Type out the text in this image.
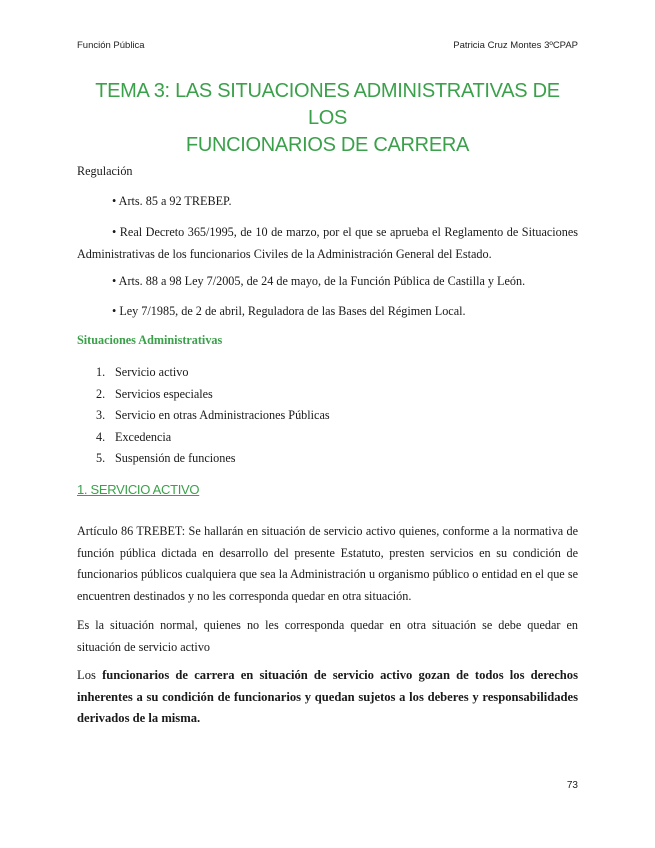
Función Pública	Patricia Cruz Montes 3ºCPAP
TEMA 3: LAS SITUACIONES ADMINISTRATIVAS DE LOS
FUNCIONARIOS DE CARRERA
Regulación
• Arts. 85 a 92 TREBEP.
• Real Decreto 365/1995, de 10 de marzo, por el que se aprueba el Reglamento de Situaciones Administrativas de los funcionarios Civiles de la Administración General del Estado.
• Arts. 88 a 98 Ley 7/2005, de 24 de mayo, de la Función Pública de Castilla y León.
• Ley 7/1985, de 2 de abril, Reguladora de las Bases del Régimen Local.
Situaciones Administrativas
1. Servicio activo
2. Servicios especiales
3. Servicio en otras Administraciones Públicas
4. Excedencia
5. Suspensión de funciones
1. SERVICIO ACTIVO
Artículo 86 TREBET: Se hallarán en situación de servicio activo quienes, conforme a la normativa de función pública dictada en desarrollo del presente Estatuto, presten servicios en su condición de funcionarios públicos cualquiera que sea la Administración u organismo público o entidad en el que se encuentren destinados y no les corresponda quedar en otra situación.
Es la situación normal, quienes no les corresponda quedar en otra situación se debe quedar en situación de servicio activo
Los funcionarios de carrera en situación de servicio activo gozan de todos los derechos inherentes a su condición de funcionarios y quedan sujetos a los deberes y responsabilidades derivados de la misma.
73
